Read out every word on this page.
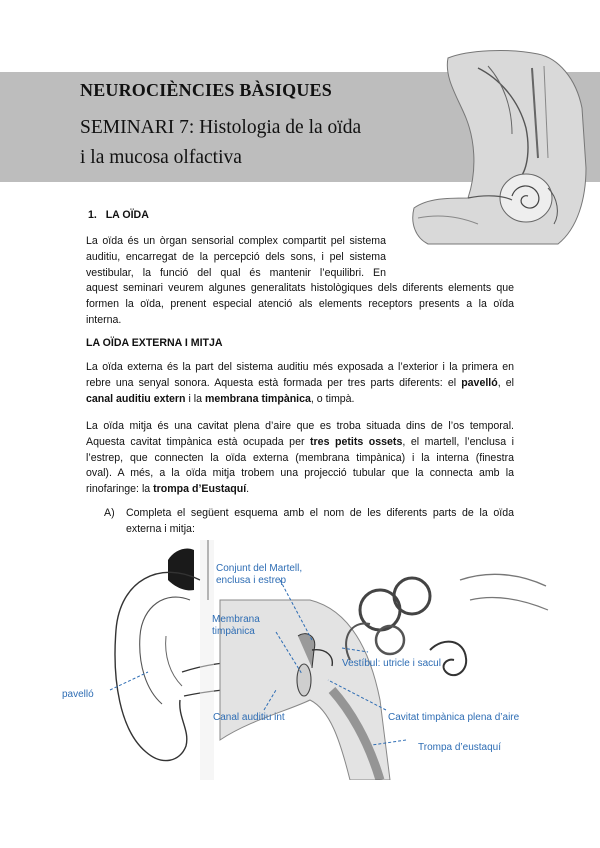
NEUROCIÈNCIES BÀSIQUES
SEMINARI 7: Histologia de la oïda
i la mucosa olfactiva
1. LA OÏDA
La oïda és un òrgan sensorial complex compartit pel sistema
auditiu, encarregat de la percepció dels sons, i pel sistema
vestibular, la funció del qual és mantenir l’equilibri. En
aquest seminari veurem algunes generalitats histològiques dels diferents elements que
formen la oïda, prenent especial atenció als elements receptors presents a la oïda
interna.
LA OÏDA EXTERNA I MITJA
La oïda externa és la part del sistema auditiu més exposada a l’exterior i la primera en
rebre una senyal sonora. Aquesta està formada per tres parts diferents: el pavelló, el
canal auditiu extern i la membrana timpànica, o timpà.
La oïda mitja és una cavitat plena d’aire que es troba situada dins de l’os temporal.
Aquesta cavitat timpànica està ocupada per tres petits ossets, el martell, l’enclusa i
l’estrep, que connecten la oïda externa (membrana timpànica) i la interna (finestra
oval). A més, a la oïda mitja trobem una projecció tubular que la connecta amb la
rinofaringe: la trompa d’Eustaquí.
A) Completa el següent esquema amb el nom de les diferents parts de la oïda externa i mitja:

Conjunt del Martell,
enclusa i estrep

Membrana
timpànica

Vestíbul: utricle i sacul

pavelló

Canal auditiu int	Cavitat timpànica plena d’aire

Trompa d’eustaquí
